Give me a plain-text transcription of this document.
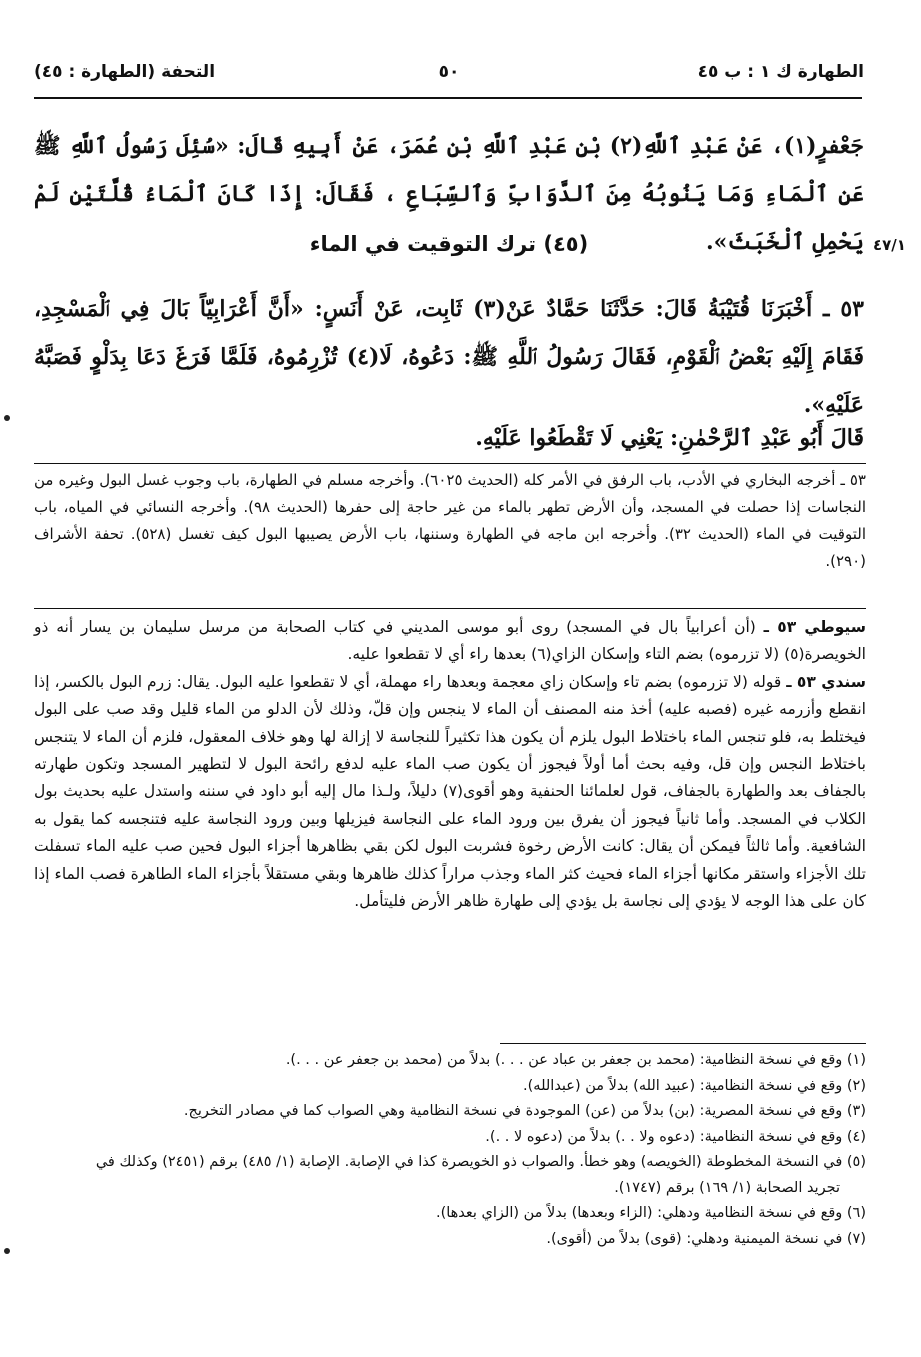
الطهارة ك ١ : ب ٤٥
٥٠
التحفة (الطهارة : ٤٥)
جَعْفرٍ(١)، عَنْ عَبْدِ ٱللَّهِ(٢) بْنِ عَبْدِ ٱللَّهِ بْنِ عُمَرَ، عَنْ أَبِيهِ قَالَ: «سُئِلَ رَسُولُ ٱللَّهِ ﷺ عَنِ ٱلْمَاءِ وَمَا يَنُوبُهُ مِنَ ٱلدَّوَابِّ وَٱلسِّبَاعِ ، فَقَالَ: إِذَا كَانَ ٱلْمَاءُ قُلَّتَيْنِ لَمْ يَحْمِلِ ٱلْخَبَثَ».
(٤٥) ترك التوقيت في الماء	٤٧/١
٥٣ ـ أَخْبَرَنَا قُتَيْبَةُ قَالَ: حَدَّثَنَا حَمَّادٌ عَنْ(٣) ثَابِت، عَنْ أَنَسٍ: «أَنَّ أَعْرَابِيّاً بَالَ فِي ٱلْمَسْجِدِ، فَقَامَ إِلَيْهِ بَعْضُ ٱلْقَوْمِ، فَقَالَ رَسُولُ ٱللَّهِ ﷺ: دَعُوهُ، لَا(٤) تُزْرِمُوهُ، فَلَمَّا فَرَغَ دَعَا بِدَلْوٍ فَصَبَّهُ عَلَيْهِ».
قَالَ أَبُو عَبْدِ ٱلرَّحْمٰنِ: يَعْنِي لَا تَقْطَعُوا عَلَيْهِ.
٥٣ ـ أخرجه البخاري في الأدب، باب الرفق في الأمر كله (الحديث ٦٠٢٥). وأخرجه مسلم في الطهارة، باب وجوب غسل البول وغيره من النجاسات إذا حصلت في المسجد، وأن الأرض تطهر بالماء من غير حاجة إلى حفرها (الحديث ٩٨). وأخرجه النسائي في المياه، باب التوقيت في الماء (الحديث ٣٢). وأخرجه ابن ماجه في الطهارة وسننها، باب الأرض يصيبها البول كيف تغسل (٥٢٨). تحفة الأشراف (٢٩٠).

سيوطي ٥٣ ـ (أن أعرابياً بال في المسجد) روى أبو موسى المديني في كتاب الصحابة من مرسل سليمان بن يسار أنه ذو الخويصرة(٥) (لا تزرموه) بضم التاء وإسكان الزاي(٦) بعدها راء أي لا تقطعوا عليه.

سندي ٥٣ ـ قوله (لا تزرموه) بضم تاء وإسكان زاي معجمة وبعدها راء مهملة، أي لا تقطعوا عليه البول. يقال: زرم البول بالكسر، إذا انقطع وأزرمه غيره (فصبه عليه) أخذ منه المصنف أن الماء لا ينجس وإن قلّ، وذلك لأن الدلو من الماء قليل وقد صب على البول فيختلط به، فلو تنجس الماء باختلاط البول يلزم أن يكون هذا تكثيراً للنجاسة لا إزالة لها وهو خلاف المعقول، فلزم أن الماء لا يتنجس باختلاط النجس وإن قل، وفيه بحث أما أولاً فيجوز أن يكون صب الماء عليه لدفع رائحة البول لا لتطهير المسجد وتكون طهارته بالجفاف بعد والطهارة بالجفاف، قول لعلمائنا الحنفية وهو أقوى(٧) دليلاً، ولـذا مال إليه أبو داود في سننه واستدل عليه بحديث بول الكلاب في المسجد. وأما ثانياً فيجوز أن يفرق بين ورود الماء على النجاسة فيزيلها وبين ورود النجاسة عليه فتنجسه كما يقول به الشافعية. وأما ثالثاً فيمكن أن يقال: كانت الأرض رخوة فشربت البول لكن بقي بظاهرها أجزاء البول فحين صب عليه الماء تسفلت تلك الأجزاء واستقر مكانها أجزاء الماء فحيث كثر الماء وجذب مراراً كذلك ظاهرها وبقي مستقلاً بأجزاء الماء الطاهرة فصب الماء إذا كان على هذا الوجه لا يؤدي إلى نجاسة بل يؤدي إلى طهارة ظاهر الأرض فليتأمل.

(١) وقع في نسخة النظامية: (محمد بن جعفر بن عباد عن . . .) بدلاً من (محمد بن جعفر عن . . .).
(٢) وقع في نسخة النظامية: (عبيد الله) بدلاً من (عبدالله).
(٣) وقع في نسخة المصرية: (بن) بدلاً من (عن) الموجودة في نسخة النظامية وهي الصواب كما في مصادر التخريج.
(٤) وقع في نسخة النظامية: (دعوه ولا . .) بدلاً من (دعوه لا . .).
(٥) في النسخة المخطوطة (الخويصه) وهو خطأ. والصواب ذو الخويصرة كذا في الإصابة. الإصابة (١/ ٤٨٥) برقم (٢٤٥١) وكذلك في
تجريد الصحابة (١/ ١٦٩) برقم (١٧٤٧).
(٦) وقع في نسخة النظامية ودهلي: (الزاء وبعدها) بدلاً من (الزاي بعدها).
(٧) في نسخة الميمنية ودهلي: (قوى) بدلاً من (أقوى).
